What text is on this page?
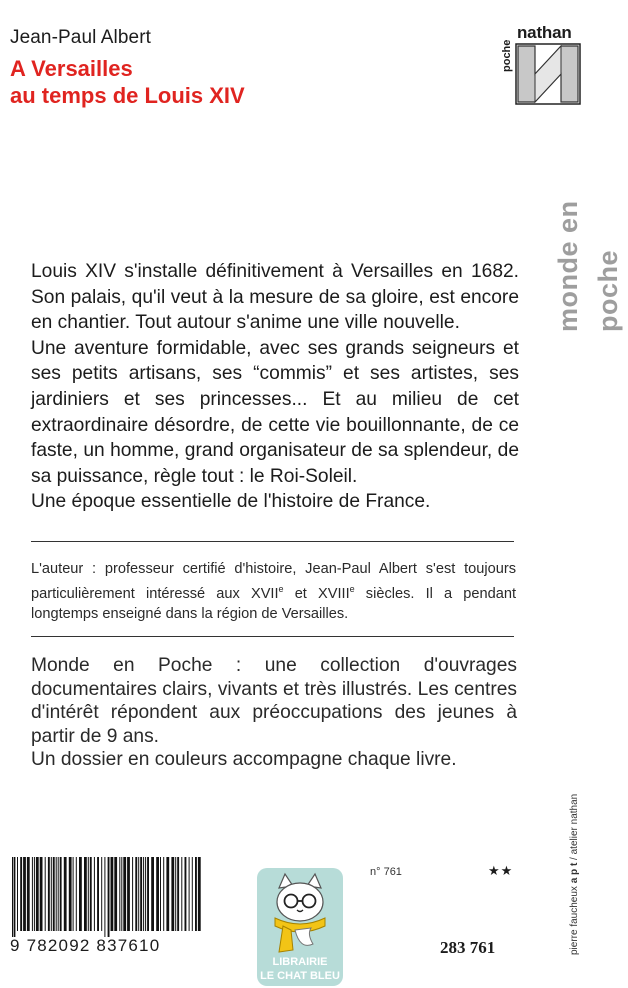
Jean-Paul Albert
A Versailles
au temps de Louis XIV
poche
nathan
monde en poche

Louis XIV s'installe définitivement à Versailles en 1682. Son palais, qu'il veut à la mesure de sa gloire, est encore en chantier. Tout autour s'anime une ville nouvelle.

Une aventure formidable, avec ses grands seigneurs et ses petits artisans, ses “commis” et ses artistes, ses jardiniers et ses princesses... Et au milieu de cet extraordinaire désordre, de cette vie bouillonnante, de ce faste, un homme, grand organisateur de sa splendeur, de sa puissance, règle tout : le Roi-Soleil.

Une époque essentielle de l'histoire de France.

L'auteur : professeur certifié d'histoire, Jean-Paul Albert s'est toujours particulièrement intéressé aux XVIIe et XVIIIe siècles. Il a pendant longtemps enseigné dans la région de Versailles.

Monde en Poche : une collection d'ouvrages documentaires clairs, vivants et très illustrés. Les centres d'intérêt répondent aux préoccupations des jeunes à partir de 9 ans.

Un dossier en couleurs accompagne chaque livre.

9 782092 837610
LIBRAIRIE
LE CHAT BLEU
n° 761	★★
283 761	pierre faucheux a p t / atelier nathan
